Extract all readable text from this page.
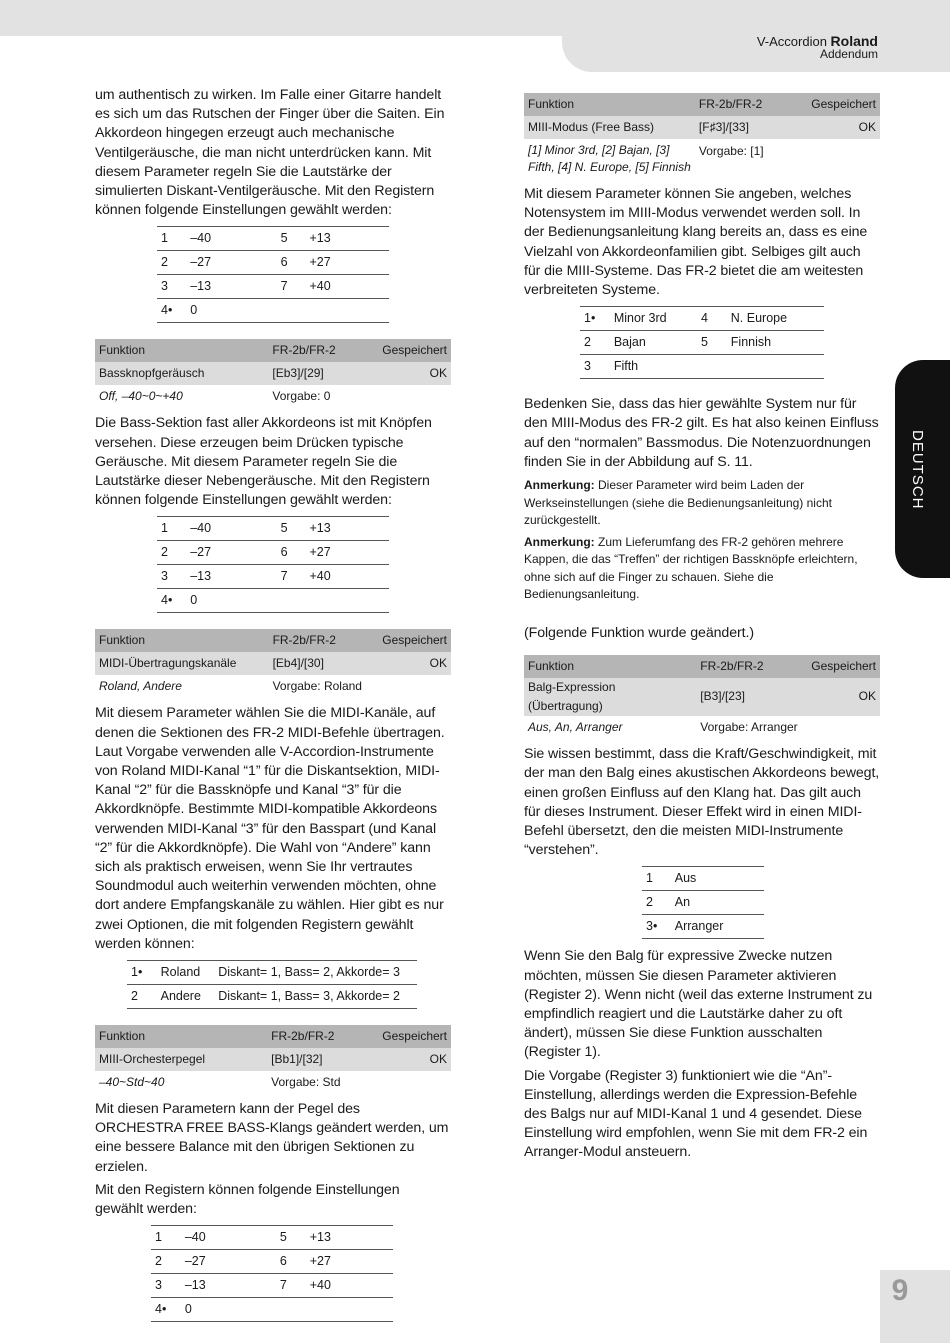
V-Accordion Roland
Addendum
DEUTSCH
9

um authentisch zu wirken. Im Falle einer Gitarre handelt es sich um das Rutschen der Finger über die Saiten. Ein Akkordeon hingegen erzeugt auch mechanische Ventilgeräusche, die man nicht unterdrücken kann. Mit diesem Parameter regeln Sie die Lautstärke der simulierten Diskant-Ventilgeräusche. Mit den Registern können folgende Einstellungen gewählt werden:

1	–40	5	+13
2	–27	6	+27
3	–13	7	+40
4•	0		
Funktion	FR-2b/FR-2	Gespeichert
Bassknopfgeräusch	[Eb3]/[29]	OK
Off, –40~0~+40	Vorgabe: 0	

Die Bass-Sektion fast aller Akkordeons ist mit Knöpfen versehen. Diese erzeugen beim Drücken typische Geräusche. Mit diesem Parameter regeln Sie die Lautstärke dieser Nebengeräusche. Mit den Registern können folgende Einstellungen gewählt werden:

1	–40	5	+13
2	–27	6	+27
3	–13	7	+40
4•	0		
Funktion	FR-2b/FR-2	Gespeichert
MIDI-Übertragungskanäle	[Eb4]/[30]	OK
Roland, Andere	Vorgabe: Roland	

Mit diesem Parameter wählen Sie die MIDI-Kanäle, auf denen die Sektionen des FR-2 MIDI-Befehle übertragen. Laut Vorgabe verwenden alle V-Accordion-Instrumente von Roland MIDI-Kanal “1” für die Diskantsektion, MIDI-Kanal “2” für die Bassknöpfe und Kanal “3” für die Akkordknöpfe. Bestimmte MIDI-kompatible Akkordeons verwenden MIDI-Kanal “3” für den Basspart (und Kanal “2” für die Akkordknöpfe). Die Wahl von “Andere” kann sich als praktisch erweisen, wenn Sie Ihr vertrautes Soundmodul auch weiterhin verwenden möchten, ohne dort andere Empfangskanäle zu wählen. Hier gibt es nur zwei Optionen, die mit folgenden Registern gewählt werden können:

1•	Roland	Diskant= 1, Bass= 2, Akkorde= 3
2	Andere	Diskant= 1, Bass= 3, Akkorde= 2
Funktion	FR-2b/FR-2	Gespeichert
MIII-Orchesterpegel	[Bb1]/[32]	OK
–40~Std~40	Vorgabe: Std	

Mit diesen Parametern kann der Pegel des ORCHESTRA FREE BASS-Klangs geändert werden, um eine bessere Balance mit den übrigen Sektionen zu erzielen.

Mit den Registern können folgende Einstellungen gewählt werden:

1	–40	5	+13
2	–27	6	+27
3	–13	7	+40
4•	0		
Funktion	FR-2b/FR-2	Gespeichert
MIII-Modus (Free Bass)	[F♯3]/[33]	OK
[1] Minor 3rd, [2] Bajan, [3] Fifth, [4] N. Europe, [5] Finnish	Vorgabe: [1]	

Mit diesem Parameter können Sie angeben, welches Notensystem im MIII-Modus verwendet werden soll. In der Bedienungsanleitung klang bereits an, dass es eine Vielzahl von Akkordeonfamilien gibt. Selbiges gilt auch für die MIII-Systeme. Das FR-2 bietet die am weitesten verbreiteten Systeme.

1•	Minor 3rd	4	N. Europe
2	Bajan	5	Finnish
3	Fifth		

Bedenken Sie, dass das hier gewählte System nur für den MIII-Modus des FR-2 gilt. Es hat also keinen Einfluss auf den “normalen” Bassmodus. Die Notenzuordnungen finden Sie in der Abbildung auf S. 11.

Anmerkung: Dieser Parameter wird beim Laden der Werkseinstellungen (siehe die Bedienungsanleitung) nicht zurückgestellt.

Anmerkung: Zum Lieferumfang des FR-2 gehören mehrere Kappen, die das “Treffen” der richtigen Bassknöpfe erleichtern, ohne sich auf die Finger zu schauen. Siehe die Bedienungsanleitung.

(Folgende Funktion wurde geändert.)

Funktion	FR-2b/FR-2	Gespeichert
Balg-Expression (Übertragung)	[B3]/[23]	OK
Aus, An, Arranger	Vorgabe: Arranger	

Sie wissen bestimmt, dass die Kraft/Geschwindigkeit, mit der man den Balg eines akustischen Akkordeons bewegt, einen großen Einfluss auf den Klang hat. Das gilt auch für dieses Instrument. Dieser Effekt wird in einen MIDI-Befehl übersetzt, den die meisten MIDI-Instrumente “verstehen”.

1	Aus
2	An
3•	Arranger

Wenn Sie den Balg für expressive Zwecke nutzen möchten, müssen Sie diesen Parameter aktivieren (Register 2). Wenn nicht (weil das externe Instrument zu empfindlich reagiert und die Lautstärke daher zu oft ändert), müssen Sie diese Funktion ausschalten (Register 1).

Die Vorgabe (Register 3) funktioniert wie die “An”-Einstellung, allerdings werden die Expression-Befehle des Balgs nur auf MIDI-Kanal 1 und 4 gesendet. Diese Einstellung wird empfohlen, wenn Sie mit dem FR-2 ein Arranger-Modul ansteuern.
